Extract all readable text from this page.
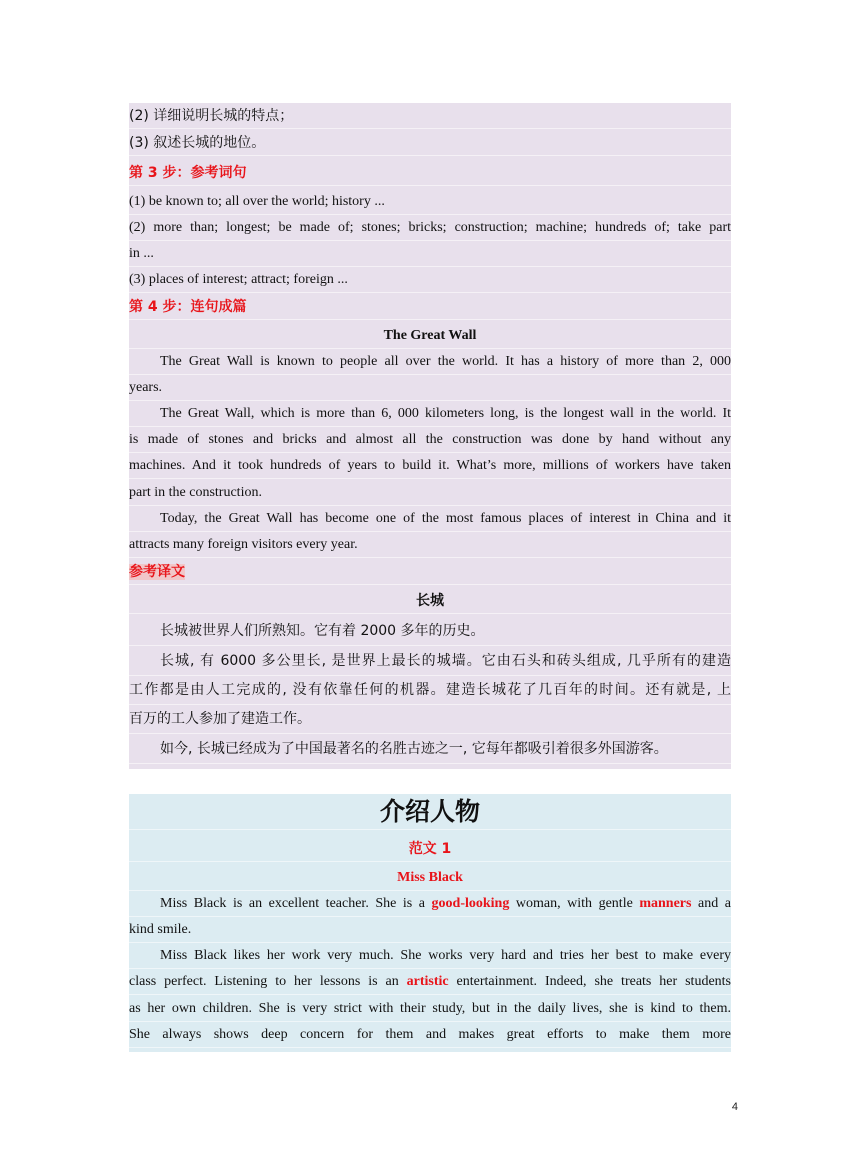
(2) 详细说明长城的特点；
(3) 叙述长城的地位。
第 3 步：参考词句
(1) be known to; all over the world; history ...
(2) more than; longest; be made of; stones; bricks; construction; machine; hundreds of; take part
in ...
(3) places of interest; attract; foreign ...
第 4 步：连句成篇
The Great Wall
The Great Wall is known to people all over the world. It has a history of more than 2, 000
years.
The Great Wall, which is more than 6, 000 kilometers long, is the longest wall in the world. It
is made of stones and bricks and almost all the construction was done by hand without any
machines. And it took hundreds of years to build it. What’s more, millions of workers have taken
part in the construction.
Today, the Great Wall has become one of the most famous places of interest in China and it
attracts many foreign visitors every year.
参考译文
长城
长城被世界人们所熟知。它有着 2000 多年的历史。
长城, 有 6000 多公里长, 是世界上最长的城墙。它由石头和砖头组成, 几乎所有的建造
工作都是由人工完成的, 没有依靠任何的机器。建造长城花了几百年的时间。还有就是, 上
百万的工人参加了建造工作。
如今, 长城已经成为了中国最著名的名胜古迹之一, 它每年都吸引着很多外国游客。
介绍人物
范文 1
Miss Black
Miss Black is an excellent teacher. She is a good-looking woman, with gentle manners and a
kind smile.
Miss Black likes her work very much. She works very hard and tries her best to make every
class perfect. Listening to her lessons is an artistic entertainment. Indeed, she treats her students
as her own children. She is very strict with their study, but in the daily lives, she is kind to them.
She always shows deep concern for them and makes great efforts to make them more
4
